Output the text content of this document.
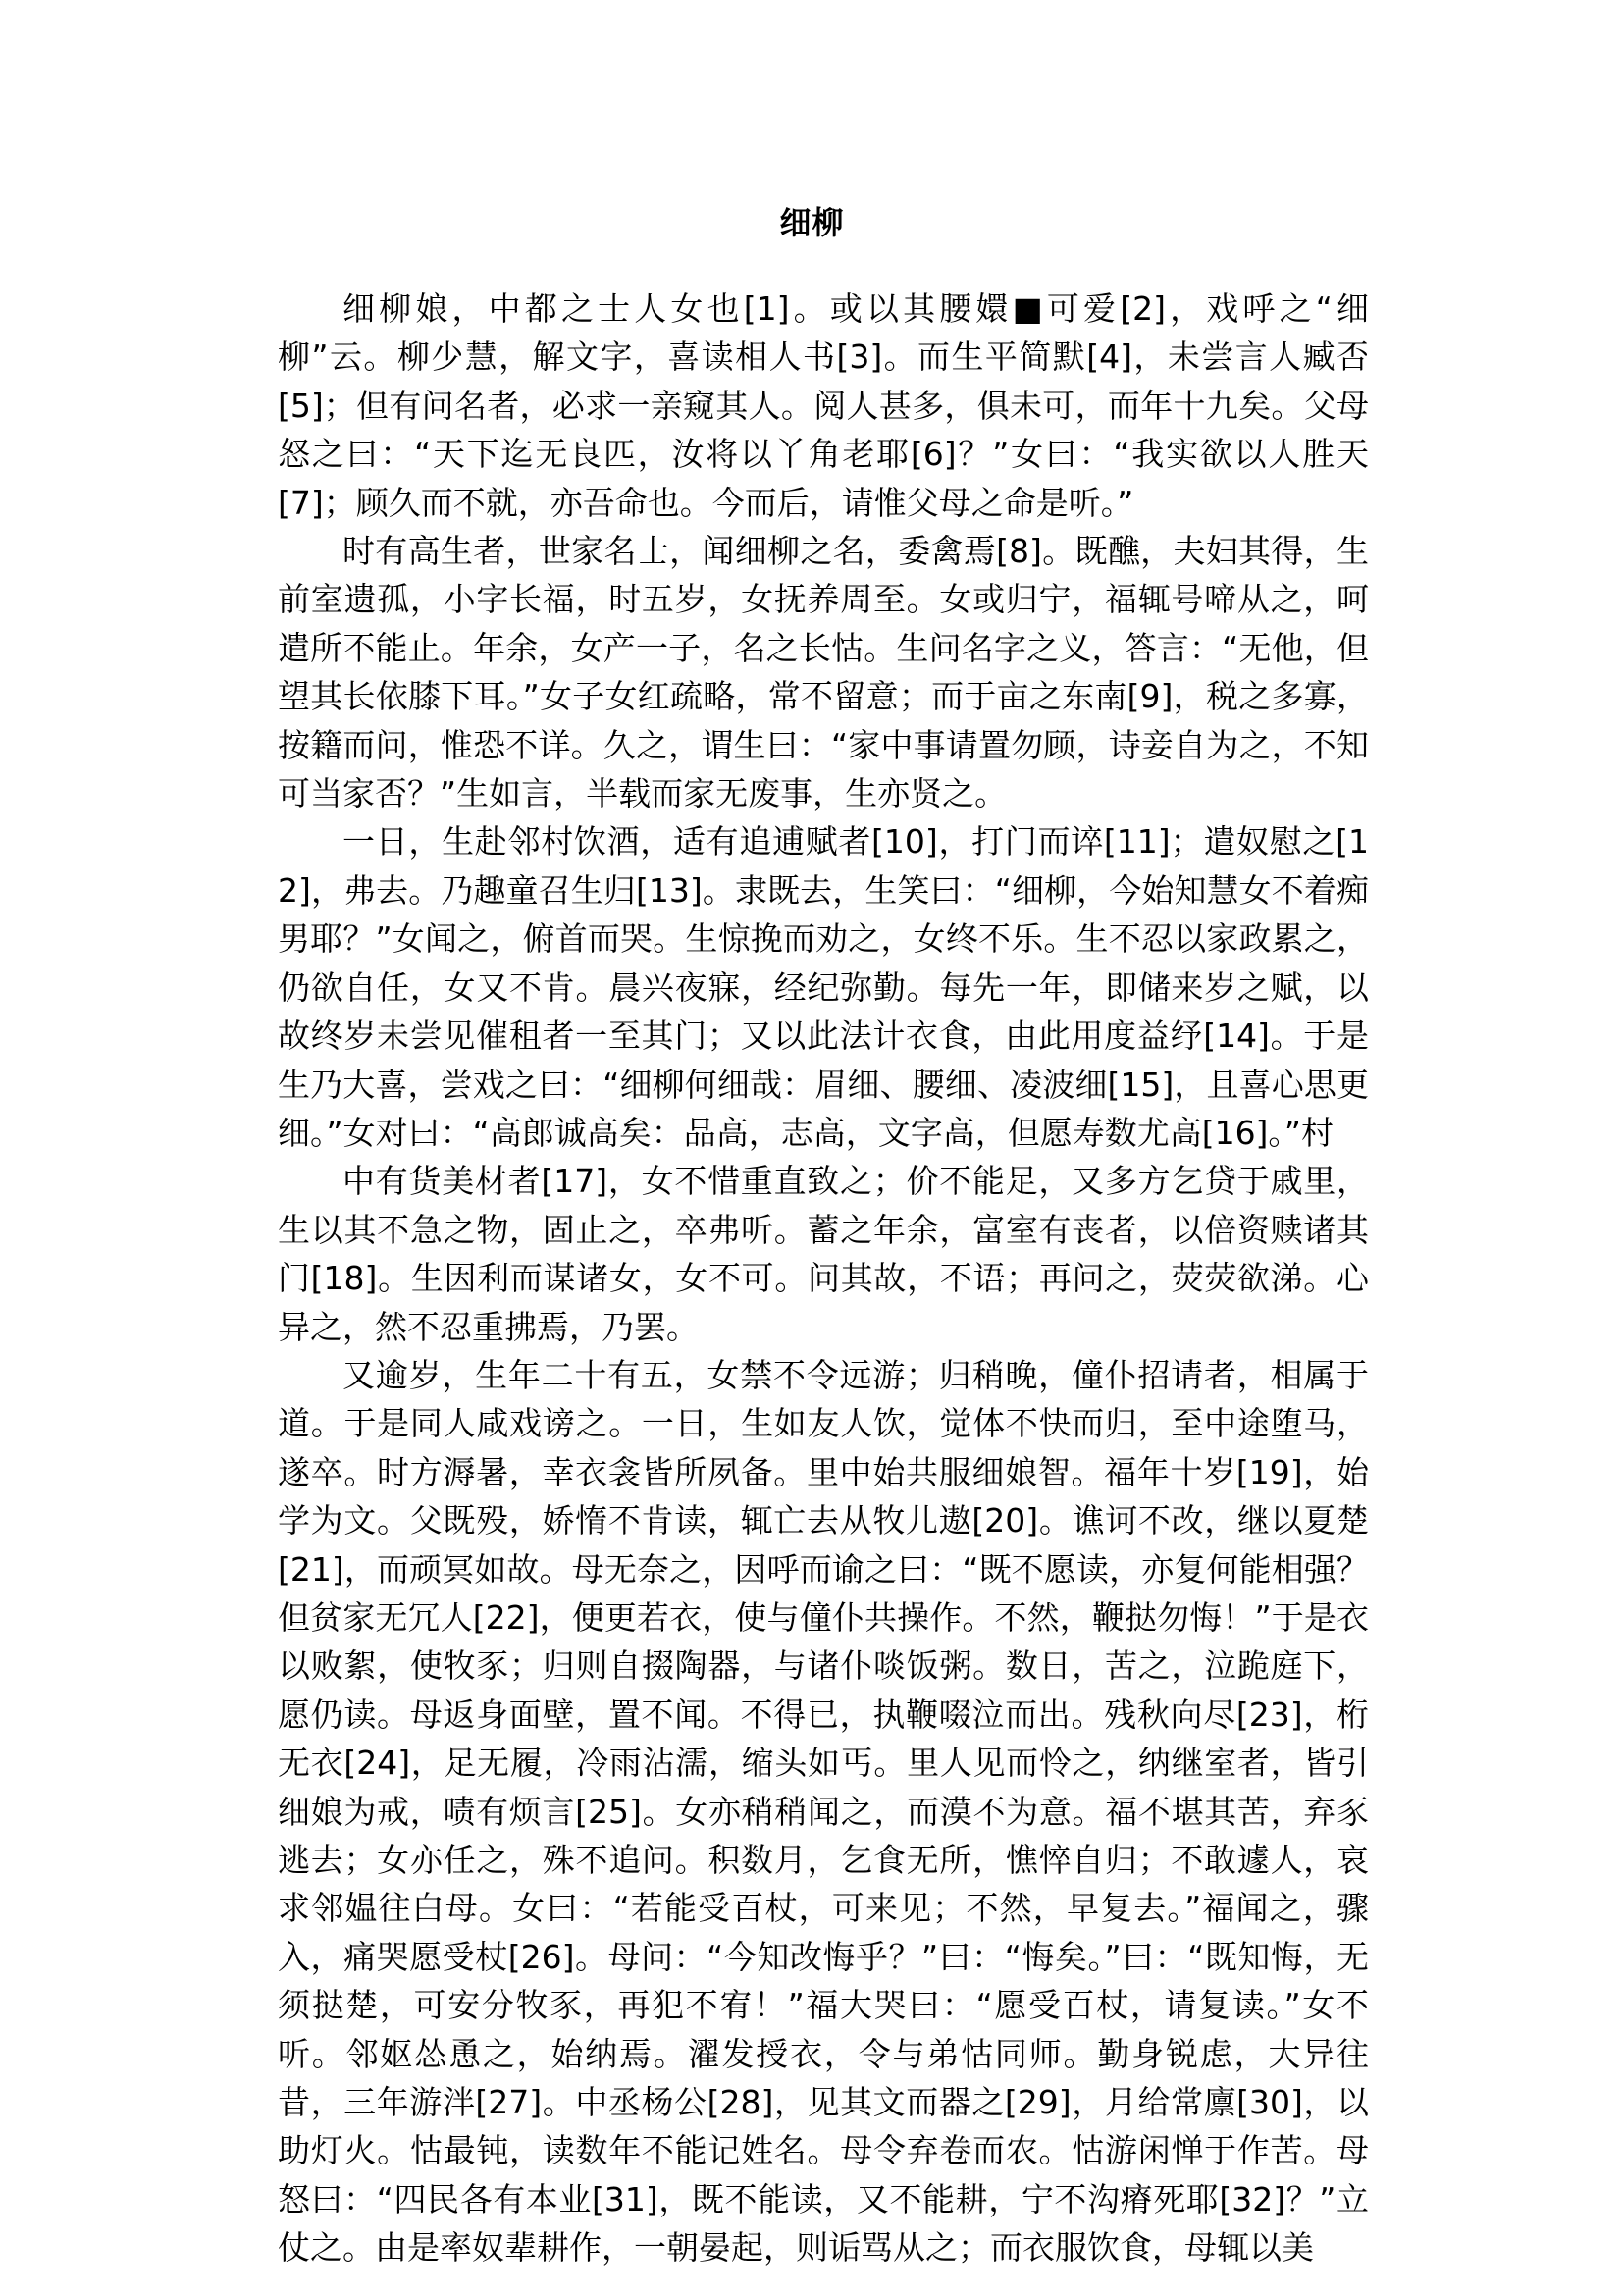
细柳

细柳娘，中都之士人女也[1]。或以其腰嬛■可爱[2]，戏呼之“细柳”云。柳少慧，解文字，喜读相人书[3]。而生平简默[4]，未尝言人臧否[5]；但有问名者，必求一亲窥其人。阅人甚多，俱未可，而年十九矣。父母怒之曰：“天下迄无良匹，汝将以丫角老耶[6]？”女曰：“我实欲以人胜天[7]；顾久而不就，亦吾命也。今而后，请惟父母之命是听。”

时有高生者，世家名士，闻细柳之名，委禽焉[8]。既醮，夫妇其得，生前室遗孤，小字长福，时五岁，女抚养周至。女或归宁，福辄号啼从之，呵遣所不能止。年余，女产一子，名之长怙。生问名字之义，答言：“无他，但望其长依膝下耳。”女子女红疏略，常不留意；而于亩之东南[9]，税之多寡，按籍而问，惟恐不详。久之，谓生曰：“家中事请置勿顾，诗妾自为之，不知可当家否？”生如言，半载而家无废事，生亦贤之。

一日，生赴邻村饮酒，适有追逋赋者[10]，打门而谇[11]；遣奴慰之[12]，弗去。乃趣童召生归[13]。隶既去，生笑曰：“细柳，今始知慧女不着痴男耶？”女闻之，俯首而哭。生惊挽而劝之，女终不乐。生不忍以家政累之，仍欲自任，女又不肯。晨兴夜寐，经纪弥勤。每先一年，即储来岁之赋，以故终岁未尝见催租者一至其门；又以此法计衣食，由此用度益纾[14]。于是生乃大喜，尝戏之曰：“细柳何细哉：眉细、腰细、凌波细[15]，且喜心思更细。”女对曰：“高郎诚高矣：品高，志高，文字高，但愿寿数尤高[16]。”村

中有货美材者[17]，女不惜重直致之；价不能足，又多方乞贷于戚里，生以其不急之物，固止之，卒弗听。蓄之年余，富室有丧者，以倍资赎诸其门[18]。生因利而谋诸女，女不可。问其故，不语；再问之，荧荧欲涕。心异之，然不忍重拂焉，乃罢。

又逾岁，生年二十有五，女禁不令远游；归稍晚，僮仆招请者，相属于道。于是同人咸戏谤之。一日，生如友人饮，觉体不快而归，至中途堕马，遂卒。时方溽暑，幸衣衾皆所夙备。里中始共服细娘智。福年十岁[19]，始学为文。父既殁，娇惰不肯读，辄亡去从牧儿遨[20]。谯诃不改，继以夏楚[21]，而顽冥如故。母无奈之，因呼而谕之曰：“既不愿读，亦复何能相强？但贫家无冗人[22]，便更若衣，使与僮仆共操作。不然，鞭挞勿悔！”于是衣以败絮，使牧豕；归则自掇陶器，与诸仆啖饭粥。数日，苦之，泣跪庭下，愿仍读。母返身面壁，置不闻。不得已，执鞭啜泣而出。残秋向尽[23]，桁无衣[24]，足无履，冷雨沾濡，缩头如丐。里人见而怜之，纳继室者，皆引细娘为戒，啧有烦言[25]。女亦稍稍闻之，而漠不为意。福不堪其苦，弃豕逃去；女亦任之，殊不追问。积数月，乞食无所，憔悴自归；不敢遽人，哀求邻媪往白母。女曰：“若能受百杖，可来见；不然，早复去。”福闻之，骤入，痛哭愿受杖[26]。母问：“今知改悔乎？”曰：“悔矣。”曰：“既知悔，无须挞楚，可安分牧豕，再犯不宥！”福大哭曰：“愿受百杖，请复读。”女不听。邻妪怂恿之，始纳焉。濯发授衣，令与弟怙同师。勤身锐虑，大异往昔，三年游泮[27]。中丞杨公[28]，见其文而器之[29]，月给常廪[30]，以助灯火。怙最钝，读数年不能记姓名。母令弃卷而农。怙游闲惮于作苦。母怒曰：“四民各有本业[31]，既不能读，又不能耕，宁不沟瘠死耶[32]？”立仗之。由是率奴辈耕作，一朝晏起，则诟骂从之；而衣服饮食，母辄以美
